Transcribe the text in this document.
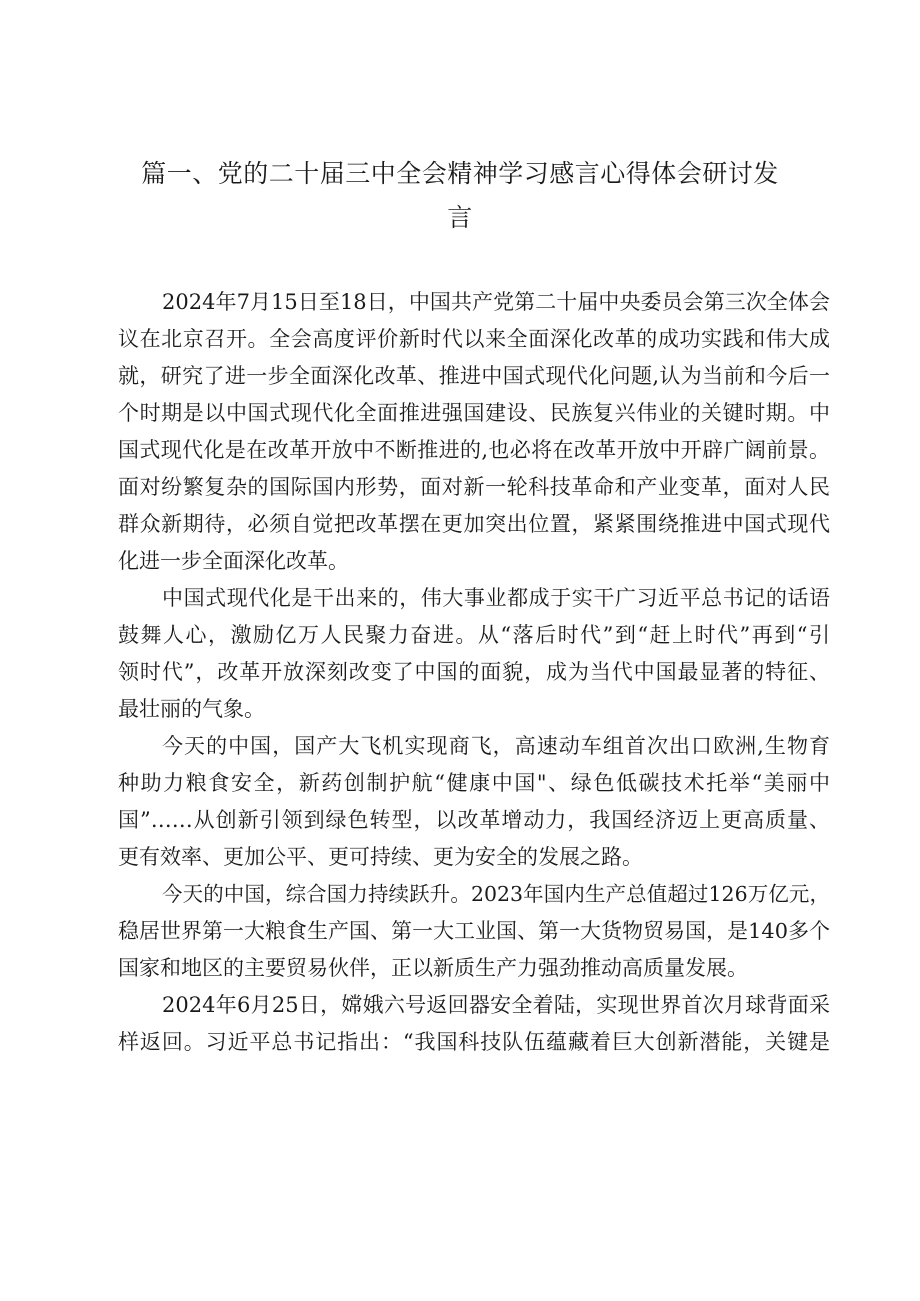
篇一、党的二十届三中全会精神学习感言心得体会研讨发
言
2024年7月15日至18日，中国共产党第二十届中央委员会第三次全体会
议在北京召开。全会高度评价新时代以来全面深化改革的成功实践和伟大成
就，研究了进一步全面深化改革、推进中国式现代化问题,认为当前和今后一
个时期是以中国式现代化全面推进强国建设、民族复兴伟业的关键时期。中
国式现代化是在改革开放中不断推进的,也必将在改革开放中开辟广阔前景。
面对纷繁复杂的国际国内形势，面对新一轮科技革命和产业变革，面对人民
群众新期待，必须自觉把改革摆在更加突出位置，紧紧围绕推进中国式现代
化进一步全面深化改革。
中国式现代化是干出来的，伟大事业都成于实干广习近平总书记的话语
鼓舞人心，激励亿万人民聚力奋进。从“落后时代”到“赶上时代”再到“引
领时代”，改革开放深刻改变了中国的面貌，成为当代中国最显著的特征、
最壮丽的气象。
今天的中国，国产大飞机实现商飞，高速动车组首次出口欧洲,生物育
种助力粮食安全，新药创制护航“健康中国"、绿色低碳技术托举“美丽中
国”……从创新引领到绿色转型，以改革增动力，我国经济迈上更高质量、
更有效率、更加公平、更可持续、更为安全的发展之路。
今天的中国，综合国力持续跃升。2023年国内生产总值超过126万亿元，
稳居世界第一大粮食生产国、第一大工业国、第一大货物贸易国，是140多个
国家和地区的主要贸易伙伴，正以新质生产力强劲推动高质量发展。
2024年6月25日，嫦娥六号返回器安全着陆，实现世界首次月球背面采
样返回。习近平总书记指出：“我国科技队伍蕴藏着巨大创新潜能，关键是
